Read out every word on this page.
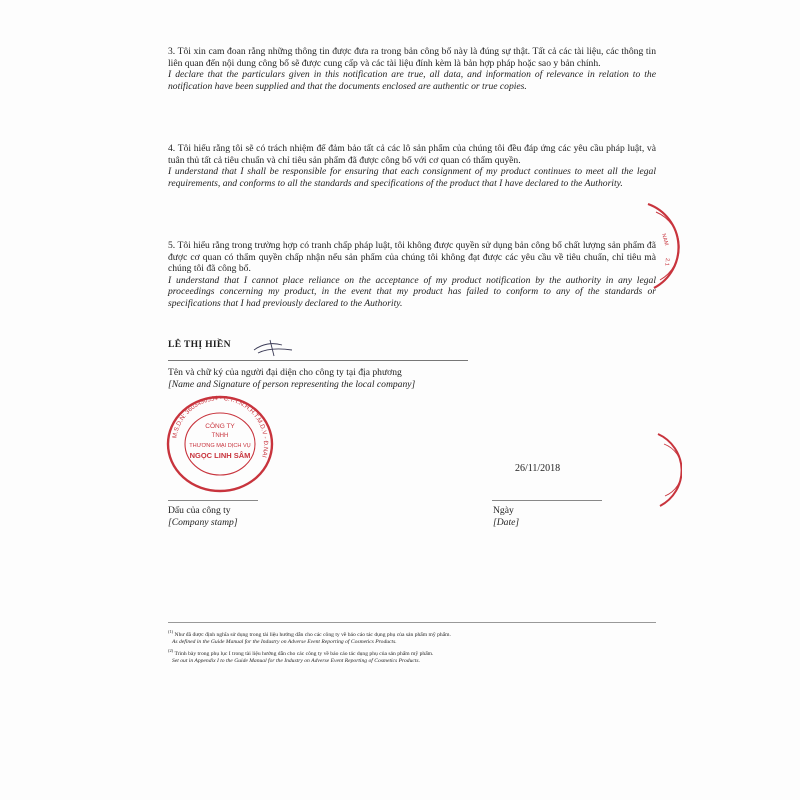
3. Tôi xin cam đoan rằng những thông tin được đưa ra trong bản công bố này là đúng sự thật. Tất cả các tài liệu, các thông tin liên quan đến nội dung công bố sẽ được cung cấp và các tài liệu đính kèm là bản hợp pháp hoặc sao y bản chính.
I declare that the particulars given in this notification are true, all data, and information of relevance in relation to the notification have been supplied and that the documents enclosed are authentic or true copies.
4. Tôi hiểu rằng tôi sẽ có trách nhiệm để đảm bảo tất cả các lô sản phẩm của chúng tôi đều đáp ứng các yêu cầu pháp luật, và tuân thủ tất cả tiêu chuẩn và chỉ tiêu sản phẩm đã được công bố với cơ quan có thẩm quyền.
I understand that I shall be responsible for ensuring that each consignment of my product continues to meet all the legal requirements, and conforms to all the standards and specifications of the product that I have declared to the Authority.
5. Tôi hiểu rằng trong trường hợp có tranh chấp pháp luật, tôi không được quyền sử dụng bản công bố chất lượng sản phẩm đã được cơ quan có thẩm quyền chấp nhận nếu sản phẩm của chúng tôi không đạt được các yêu cầu về tiêu chuẩn, chỉ tiêu mà chúng tôi đã công bố.
I understand that I cannot place reliance on the acceptance of my product notification by the authority in any legal proceedings concerning my product, in the event that my product has failed to conform to any of the standards or specifications that I had previously declared to the Authority.
NAM
2.1
LÊ THỊ HIỀN
Tên và chữ ký của người đại diện cho công ty tại địa phương
[Name and Signature of person representing the local company]
M.S.D.N: 3603490554 - C.T.T.N.H.H.T.M.D.V - Đ.NAI
CÔNG TY
TNHH
THƯƠNG MẠI DỊCH VỤ
NGỌC LINH SÂM
26/11/2018
Dấu của công ty
[Company stamp]
Ngày
[Date]
$^{(1)}$ Như đã được định nghĩa sử dụng trong tài liệu hướng dẫn cho các công ty về báo cáo tác dụng phụ của sản phẩm mỹ phẩm.
As defined in the Guide Manual for the Industry on Adverse Event Reporting of Cosmetics Products.
$^{(2)}$ Trình bày trong phụ lục I trong tài liệu hướng dẫn cho các công ty về báo cáo tác dụng phụ của sản phẩm mỹ phẩm.
Set out in Appendix I to the Guide Manual for the Industry on Adverse Event Reporting of Cosmetics Products.
